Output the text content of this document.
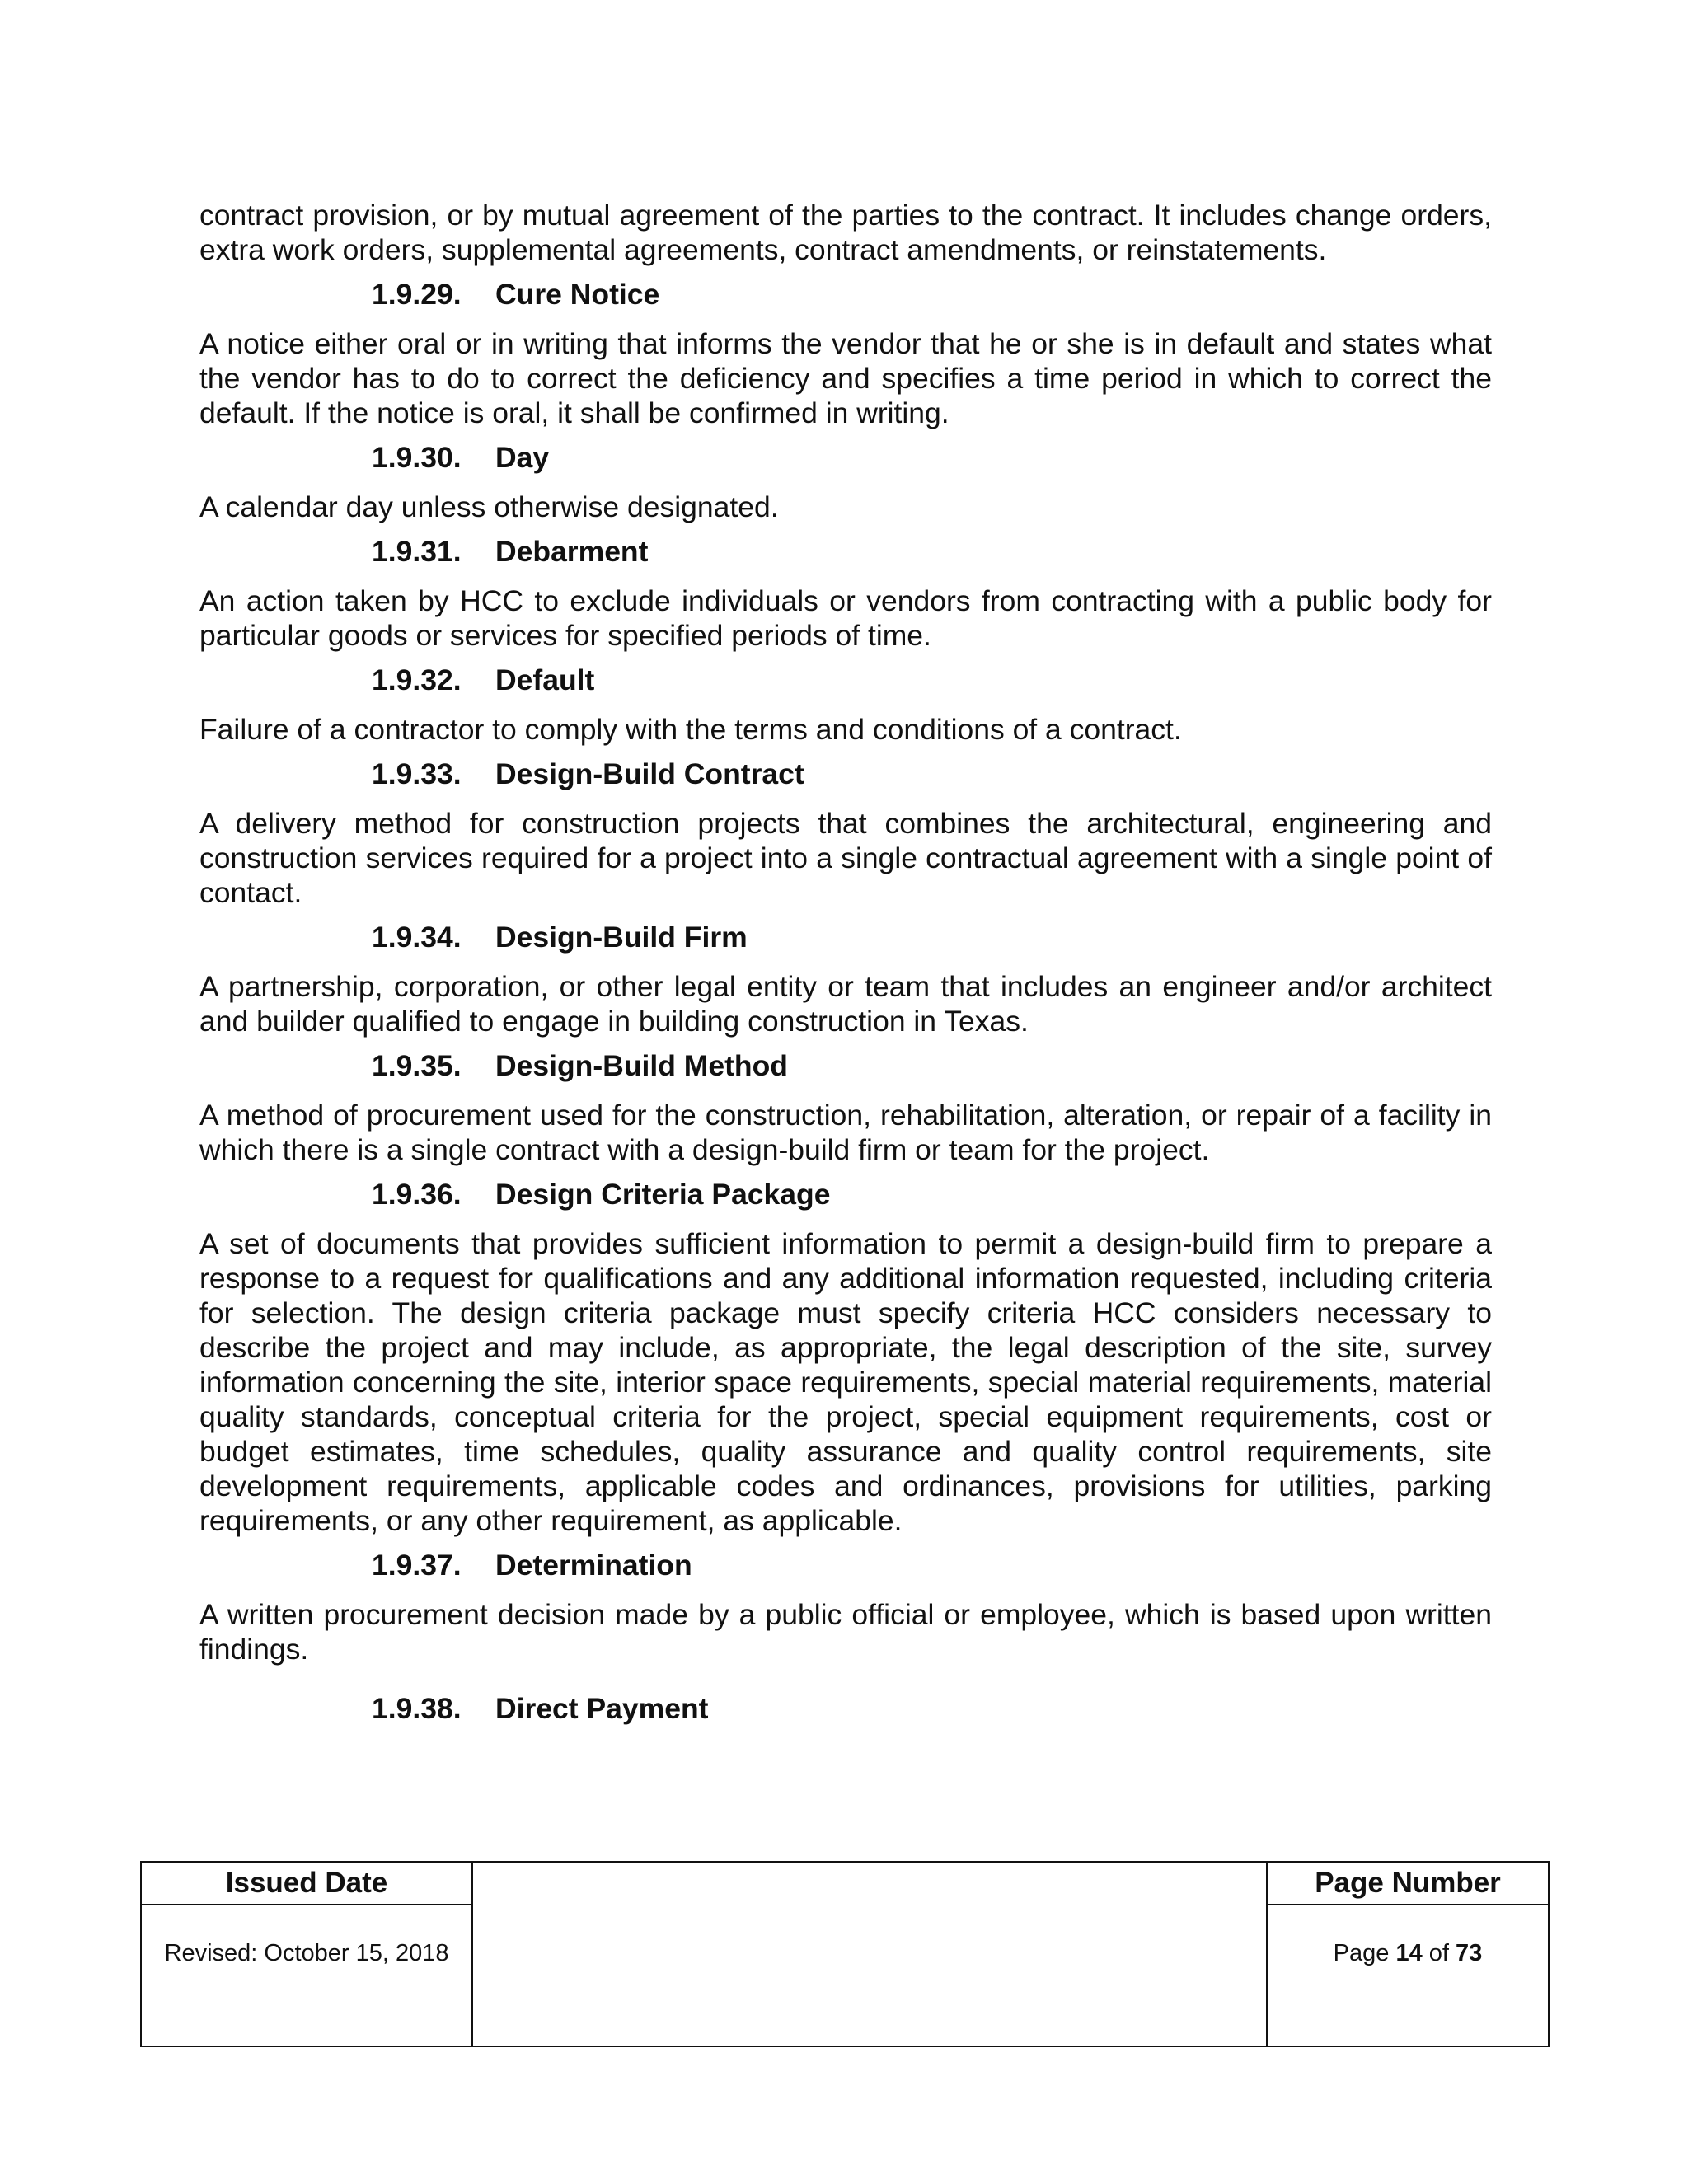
contract provision, or by mutual agreement of the parties to the contract. It includes change orders, extra work orders, supplemental agreements, contract amendments, or reinstatements.

1.9.29. Cure Notice

A notice either oral or in writing that informs the vendor that he or she is in default and states what the vendor has to do to correct the deficiency and specifies a time period in which to correct the default. If the notice is oral, it shall be confirmed in writing.

1.9.30. Day

A calendar day unless otherwise designated.

1.9.31. Debarment

An action taken by HCC to exclude individuals or vendors from contracting with a public body for particular goods or services for specified periods of time.

1.9.32. Default

Failure of a contractor to comply with the terms and conditions of a contract.

1.9.33. Design-Build Contract

A delivery method for construction projects that combines the architectural, engineering and construction services required for a project into a single contractual agreement with a single point of contact.

1.9.34. Design-Build Firm

A partnership, corporation, or other legal entity or team that includes an engineer and/or architect and builder qualified to engage in building construction in Texas.

1.9.35. Design-Build Method

A method of procurement used for the construction, rehabilitation, alteration, or repair of a facility in which there is a single contract with a design-build firm or team for the project.

1.9.36. Design Criteria Package

A set of documents that provides sufficient information to permit a design-build firm to prepare a response to a request for qualifications and any additional information requested, including criteria for selection. The design criteria package must specify criteria HCC considers necessary to describe the project and may include, as appropriate, the legal description of the site, survey information concerning the site, interior space requirements, special material requirements, material quality standards, conceptual criteria for the project, special equipment requirements, cost or budget estimates, time schedules, quality assurance and quality control requirements, site development requirements, applicable codes and ordinances, provisions for utilities, parking requirements, or any other requirement, as applicable.

1.9.37. Determination

A written procurement decision made by a public official or employee, which is based upon written findings.

1.9.38. Direct Payment
Issued Date		Page Number
Revised: October 15, 2018		Page 14 of 73
